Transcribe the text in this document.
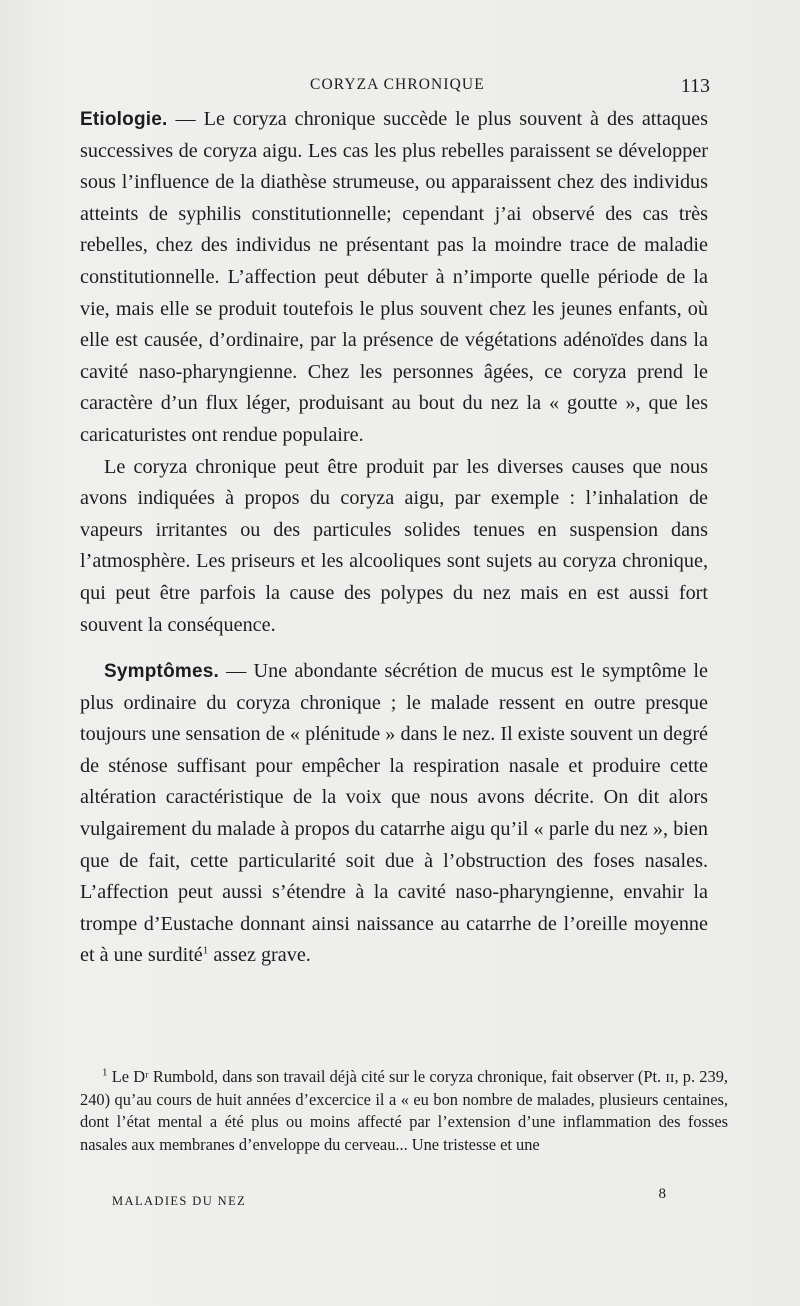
CORYZA CHRONIQUE	113

Etiologie. — Le coryza chronique succède le plus souvent à des attaques successives de coryza aigu. Les cas les plus rebelles paraissent se développer sous l’influence de la diathèse strumeuse, ou apparaissent chez des individus atteints de syphilis constitutionnelle; cependant j’ai observé des cas très rebelles, chez des individus ne présentant pas la moindre trace de maladie constitutionnelle. L’affection peut débuter à n’importe quelle période de la vie, mais elle se produit toutefois le plus souvent chez les jeunes enfants, où elle est causée, d’ordinaire, par la présence de végétations adénoïdes dans la cavité naso-pharyngienne. Chez les personnes âgées, ce coryza prend le caractère d’un flux léger, produisant au bout du nez la « goutte », que les caricaturistes ont rendue populaire.

Le coryza chronique peut être produit par les diverses causes que nous avons indiquées à propos du coryza aigu, par exemple : l’inhalation de vapeurs irritantes ou des particules solides tenues en suspension dans l’atmosphère. Les priseurs et les alcooliques sont sujets au coryza chronique, qui peut être parfois la cause des polypes du nez mais en est aussi fort souvent la conséquence.

Symptômes. — Une abondante sécrétion de mucus est le symptôme le plus ordinaire du coryza chronique ; le malade ressent en outre presque toujours une sensation de « plénitude » dans le nez. Il existe souvent un degré de sténose suffisant pour empêcher la respiration nasale et produire cette altération caractéristique de la voix que nous avons décrite. On dit alors vulgairement du malade à propos du catarrhe aigu qu’il « parle du nez », bien que de fait, cette particularité soit due à l’obstruction des foses nasales. L’affection peut aussi s’étendre à la cavité naso-pharyngienne, envahir la trompe d’Eustache donnant ainsi naissance au catarrhe de l’oreille moyenne et à une surdité$^1$ assez grave.

$^1$ Le Dʳ Rumbold, dans son travail déjà cité sur le coryza chronique, fait observer (Pt. ɪɪ, p. 239, 240) qu’au cours de huit années d’excercice il a « eu bon nombre de malades, plusieurs centaines, dont l’état mental a été plus ou moins affecté par l’extension d’une inflammation des fosses nasales aux membranes d’enveloppe du cerveau... Une tristesse et une

MALADIES DU NEZ	8
